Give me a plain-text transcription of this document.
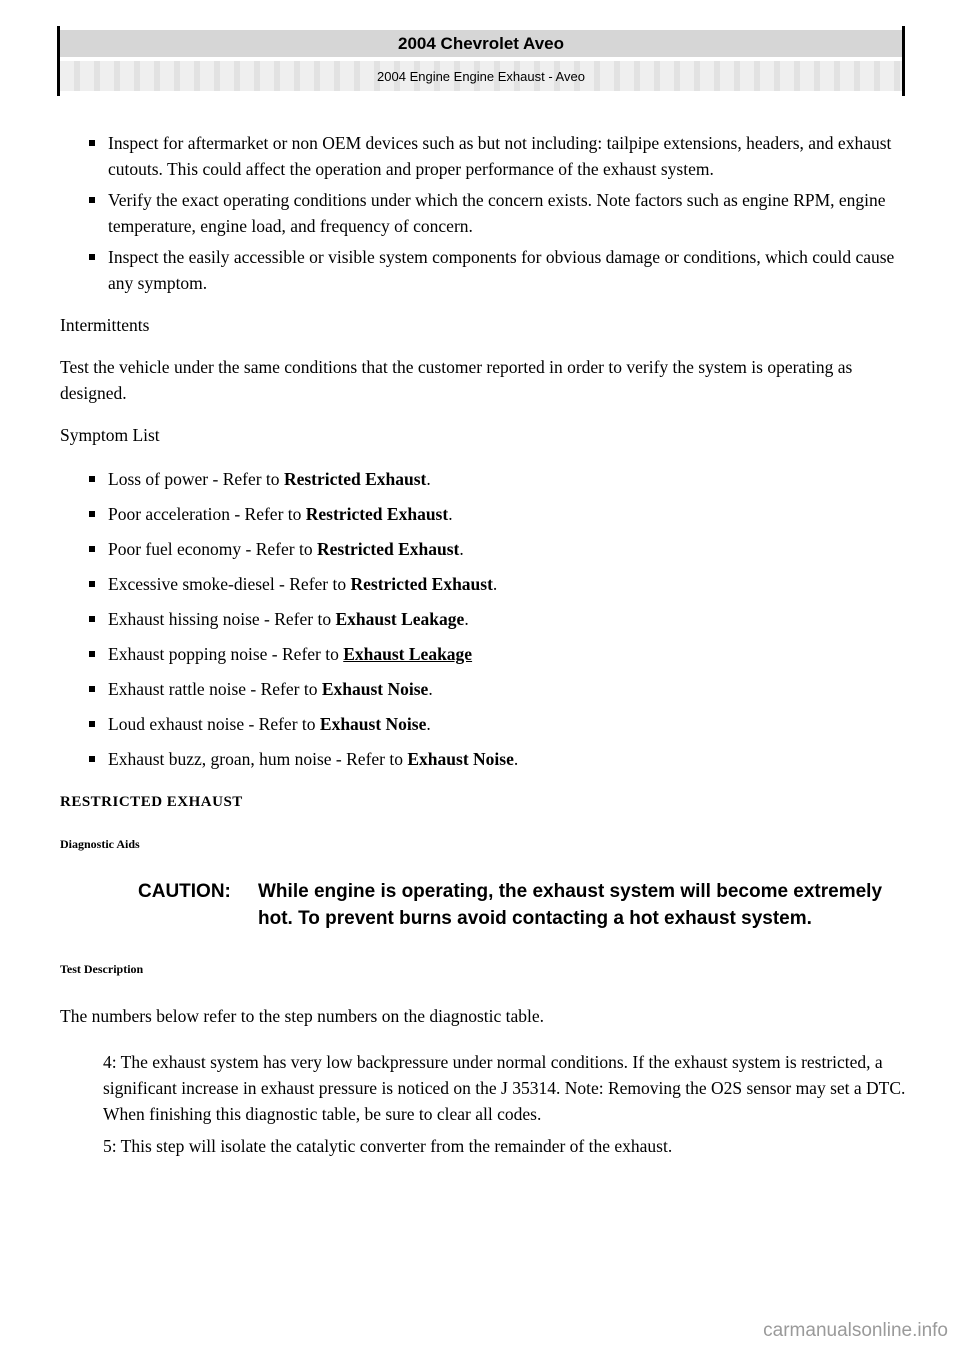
2004 Chevrolet Aveo
2004 Engine Engine Exhaust - Aveo
Inspect for aftermarket or non OEM devices such as but not including: tailpipe extensions, headers, and exhaust cutouts. This could affect the operation and proper performance of the exhaust system.
Verify the exact operating conditions under which the concern exists. Note factors such as engine RPM, engine temperature, engine load, and frequency of concern.
Inspect the easily accessible or visible system components for obvious damage or conditions, which could cause any symptom.

Intermittents

Test the vehicle under the same conditions that the customer reported in order to verify the system is operating as designed.

Symptom List

Loss of power - Refer to Restricted Exhaust.
Poor acceleration - Refer to Restricted Exhaust.
Poor fuel economy - Refer to Restricted Exhaust.
Excessive smoke-diesel - Refer to Restricted Exhaust.
Exhaust hissing noise - Refer to Exhaust Leakage.
Exhaust popping noise - Refer to Exhaust Leakage
Exhaust rattle noise - Refer to Exhaust Noise.
Loud exhaust noise - Refer to Exhaust Noise.
Exhaust buzz, groan, hum noise - Refer to Exhaust Noise.
RESTRICTED EXHAUST
Diagnostic Aids
CAUTION:	While engine is operating, the exhaust system will become extremely hot. To prevent burns avoid contacting a hot exhaust system.
Test Description

The numbers below refer to the step numbers on the diagnostic table.

4: The exhaust system has very low backpressure under normal conditions. If the exhaust system is restricted, a significant increase in exhaust pressure is noticed on the J 35314. Note: Removing the O2S sensor may set a DTC. When finishing this diagnostic table, be sure to clear all codes.
5: This step will isolate the catalytic converter from the remainder of the exhaust.
carmanualsonline.info
